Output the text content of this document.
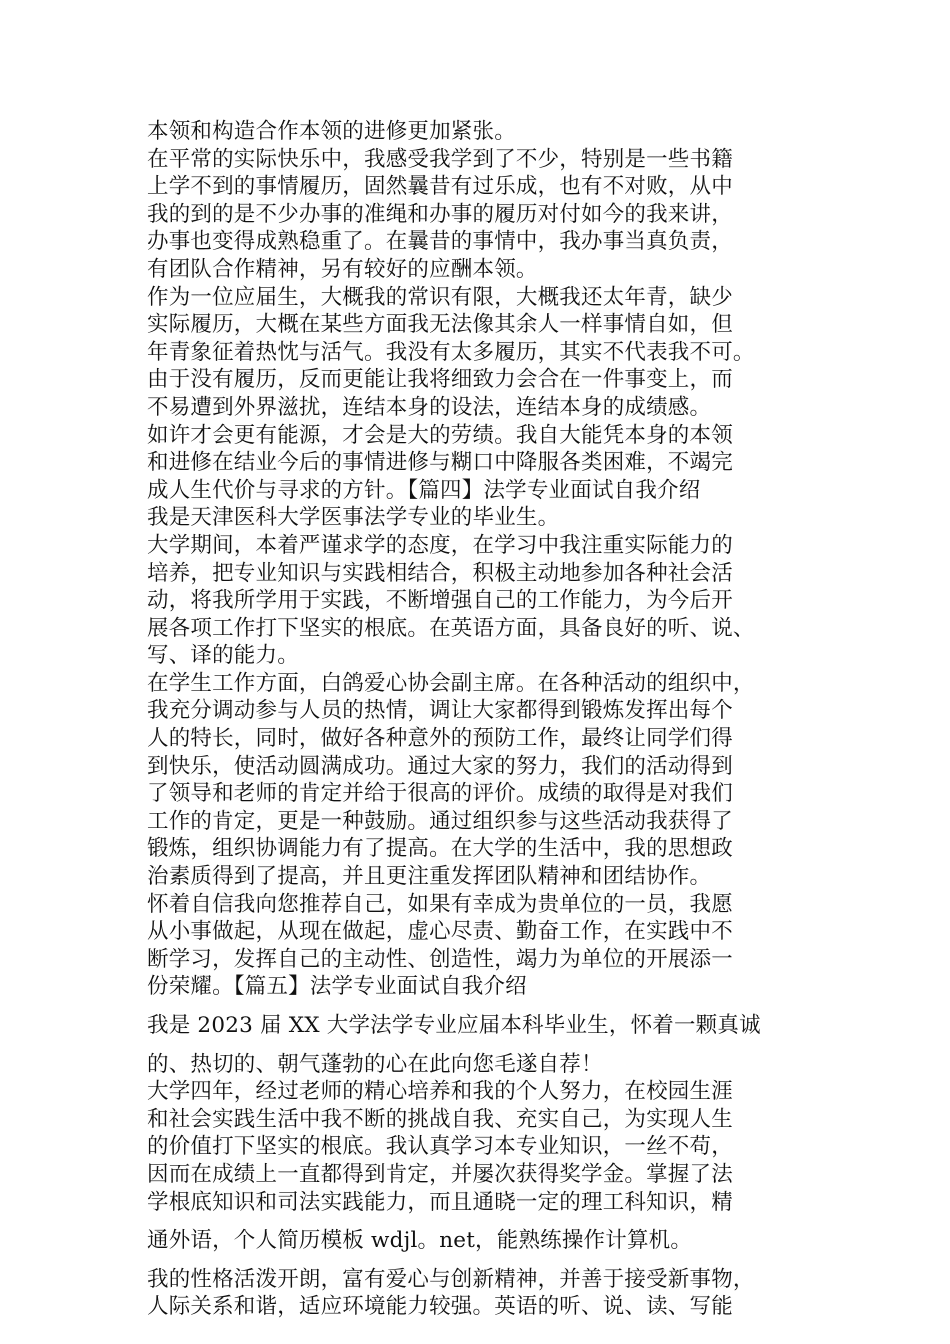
本领和构造合作本领的进修更加紧张。
在平常的实际快乐中，我感受我学到了不少，特别是一些书籍
上学不到的事情履历，固然曩昔有过乐成，也有不对败，从中
我的到的是不少办事的准绳和办事的履历对付如今的我来讲，
办事也变得成熟稳重了。在曩昔的事情中，我办事当真负责，
有团队合作精神，另有较好的应酬本领。
作为一位应届生，大概我的常识有限，大概我还太年青，缺少
实际履历，大概在某些方面我无法像其余人一样事情自如，但
年青象征着热忱与活气。我没有太多履历，其实不代表我不可。
由于没有履历，反而更能让我将细致力会合在一件事变上，而
不易遭到外界滋扰，连结本身的设法，连结本身的成绩感。
如许才会更有能源，才会是大的劳绩。我自大能凭本身的本领
和进修在结业今后的事情进修与糊口中降服各类困难，不竭完
成人生代价与寻求的方针。【篇四】法学专业面试自我介绍
我是天津医科大学医事法学专业的毕业生。
大学期间，本着严谨求学的态度，在学习中我注重实际能力的
培养，把专业知识与实践相结合，积极主动地参加各种社会活
动，将我所学用于实践，不断增强自己的工作能力，为今后开
展各项工作打下坚实的根底。在英语方面，具备良好的听、说、
写、译的能力。
在学生工作方面，白鸽爱心协会副主席。在各种活动的组织中，
我充分调动参与人员的热情，调让大家都得到锻炼发挥出每个
人的特长，同时，做好各种意外的预防工作，最终让同学们得
到快乐，使活动圆满成功。通过大家的努力，我们的活动得到
了领导和老师的肯定并给于很高的评价。成绩的取得是对我们
工作的肯定，更是一种鼓励。通过组织参与这些活动我获得了
锻炼，组织协调能力有了提高。在大学的生活中，我的思想政
治素质得到了提高，并且更注重发挥团队精神和团结协作。
怀着自信我向您推荐自己，如果有幸成为贵单位的一员，我愿
从小事做起，从现在做起，虚心尽责、勤奋工作，在实践中不
断学习，发挥自己的主动性、创造性，竭力为单位的开展添一
份荣耀。【篇五】法学专业面试自我介绍
我是 2023 届 XX 大学法学专业应届本科毕业生，怀着一颗真诚
的、热切的、朝气蓬勃的心在此向您毛遂自荐！
大学四年，经过老师的精心培养和我的个人努力，在校园生涯
和社会实践生活中我不断的挑战自我、充实自己，为实现人生
的价值打下坚实的根底。我认真学习本专业知识，一丝不苟，
因而在成绩上一直都得到肯定，并屡次获得奖学金。掌握了法
学根底知识和司法实践能力，而且通晓一定的理工科知识，精
通外语，个人简历模板 wdjl。net，能熟练操作计算机。
我的性格活泼开朗，富有爱心与创新精神，并善于接受新事物，
人际关系和谐，适应环境能力较强。英语的听、说、读、写能
